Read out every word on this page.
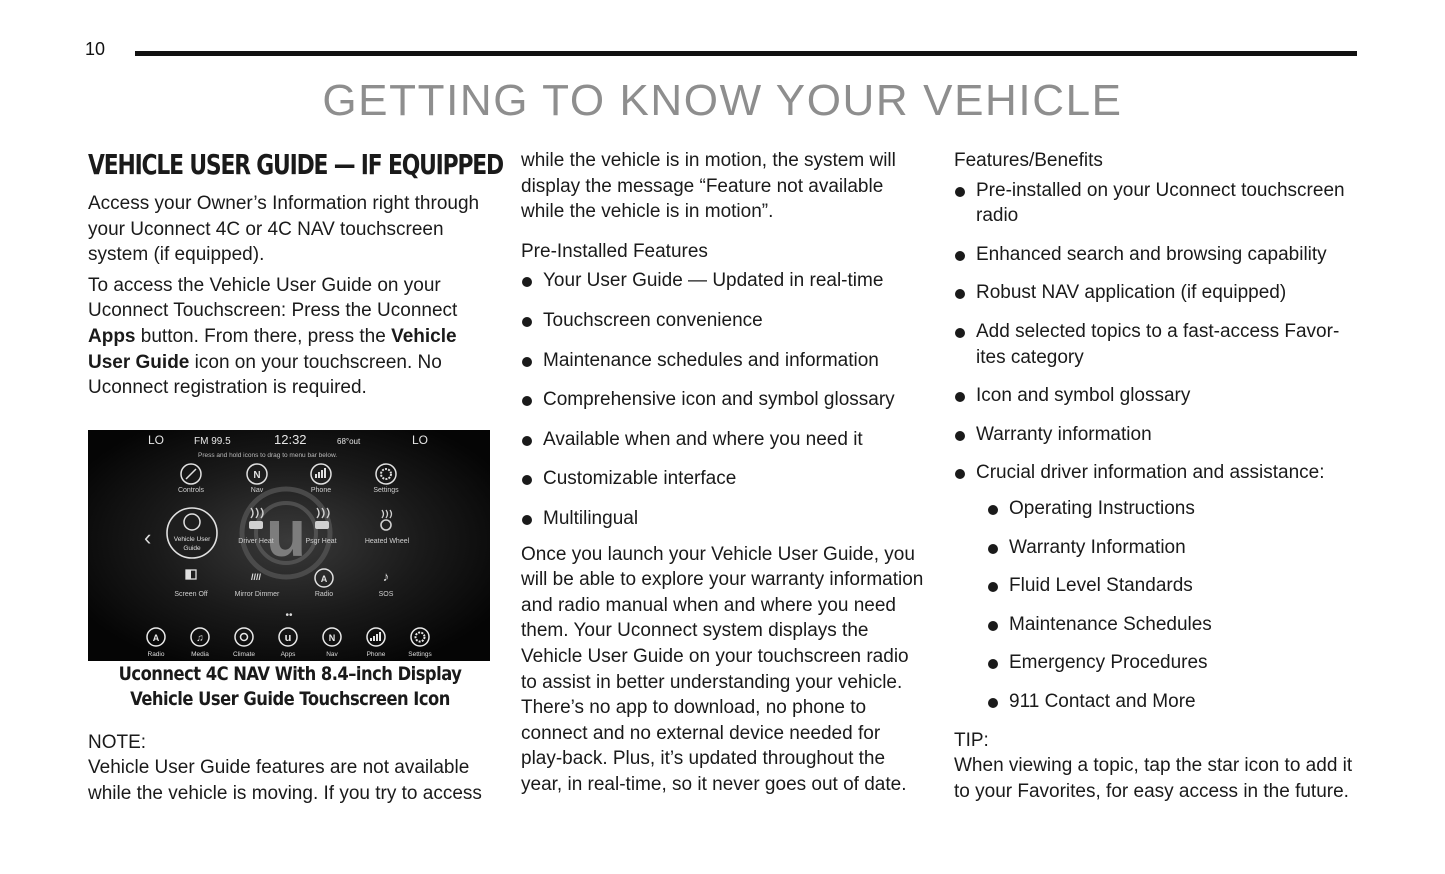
10
GETTING TO KNOW YOUR VEHICLE
VEHICLE USER GUIDE — IF EQUIPPED

Access your Owner’s Information right through your Uconnect 4C or 4C NAV touchscreen system (if equipped).

To access the Vehicle User Guide on your Uconnect Touchscreen: Press the Uconnect Apps button. From there, press the Vehicle User Guide icon on your touchscreen. No Uconnect registration is required.

LO	FM 99.5	12:32	68°out	LO
Press and hold icons to drag to menu bar below.
u
N
Controls	Nav	Phone	Settings
‹	Vehicle User
Guide
Driver Heat	Psgr Heat	Heated Wheel
////	A	♪
Screen Off	Mirror Dimmer	Radio	SOS
••
A	♫	u	N
Radio	Media	Climate	Apps	Nav	Phone	Settings
Uconnect 4C NAV With 8.4–inch Display Vehicle User Guide Touchscreen Icon

NOTE:

Vehicle User Guide features are not available while the vehicle is moving. If you try to access

while the vehicle is in motion, the system will display the message “Feature not available while the vehicle is in motion”.

Pre-Installed Features

Your User Guide — Updated in real-time
Touchscreen convenience
Maintenance schedules and information
Comprehensive icon and symbol glossary
Available when and where you need it
Customizable interface
Multilingual

Once you launch your Vehicle User Guide, you will be able to explore your warranty information and radio manual when and where you need them. Your Uconnect system displays the Vehicle User Guide on your touchscreen radio to assist in better understanding your vehicle. There’s no app to download, no phone to connect and no external device needed for play-back. Plus, it’s updated throughout the year, in real-time, so it never goes out of date.

Features/Benefits

Pre-installed on your Uconnect touchscreen radio
Enhanced search and browsing capability
Robust NAV application (if equipped)
Add selected topics to a fast-access Favor-ites category
Icon and symbol glossary
Warranty information
Crucial driver information and assistance:
Operating Instructions
Warranty Information
Fluid Level Standards
Maintenance Schedules
Emergency Procedures
911 Contact and More

TIP:

When viewing a topic, tap the star icon to add it to your Favorites, for easy access in the future.
